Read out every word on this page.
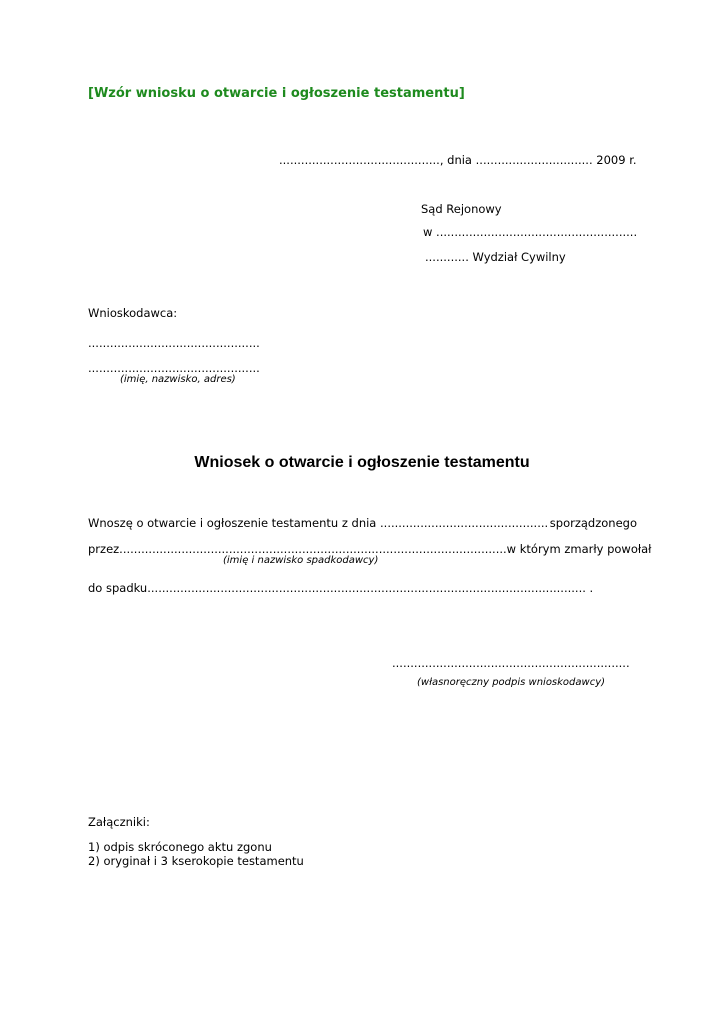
[Wzór wniosku o otwarcie i ogłoszenie testamentu]
............................................, dnia ................................ 2009 r.
Sąd Rejonowy
w .......................................................
............ Wydział Cywilny
Wnioskodawca:
...............................................
...............................................
(imię, nazwisko, adres)
Wniosek o otwarcie i ogłoszenie testamentu
Wnoszę o otwarcie i ogłoszenie testamentu z dnia .............................................. sporządzonego
przez.......................................................................................................... w którym zmarły powołał
(imię i nazwisko spadkodawcy)
do spadku........................................................................................................................ .
.................................................................
(własnoręczny podpis wnioskodawcy)
Załączniki:
1) odpis skróconego aktu zgonu
2) oryginał i 3 kserokopie testamentu
